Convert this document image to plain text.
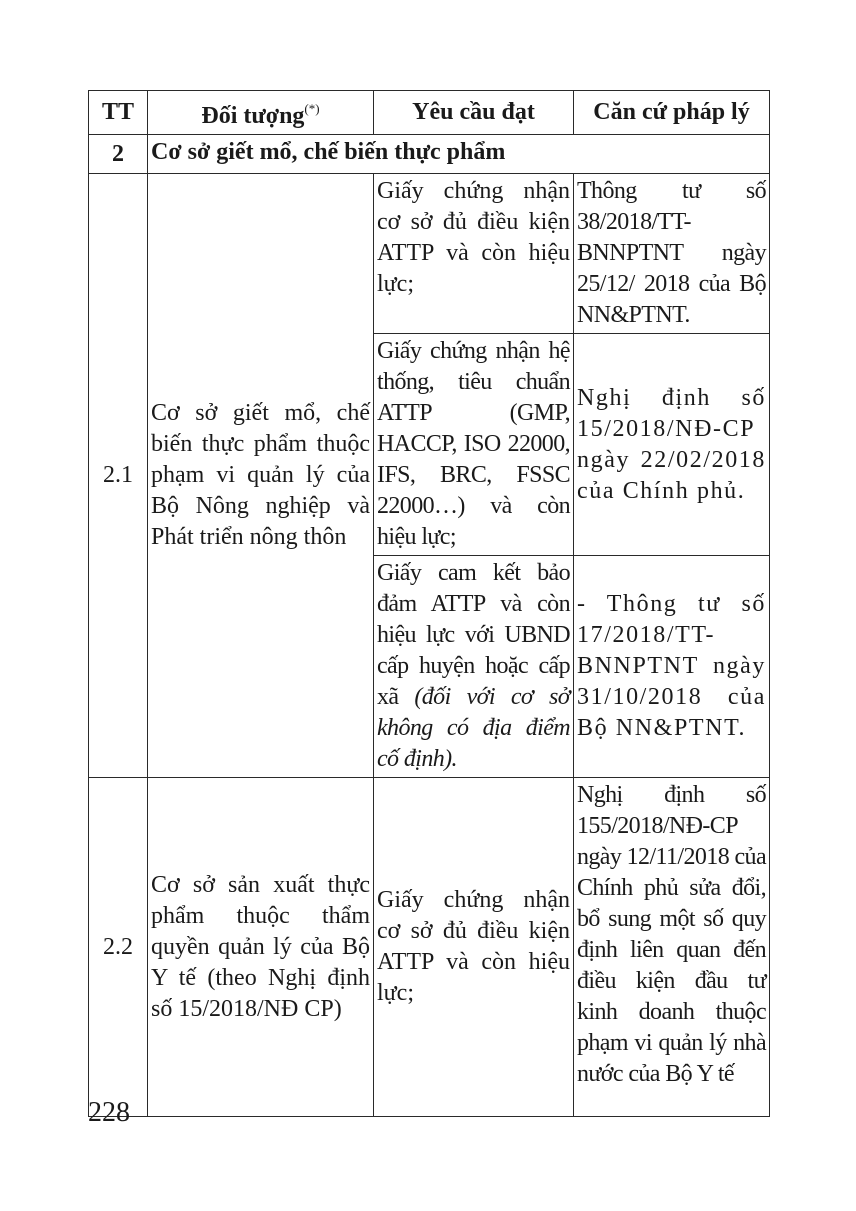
TT	Đối tượng(*)	Yêu cầu đạt	Căn cứ pháp lý
2	Cơ sở giết mổ, chế biến thực phẩm		
2.1	Cơ sở giết mổ, chế biến thực phẩm thuộc phạm vi quản lý của Bộ Nông nghiệp và Phát triển nông thôn	Giấy chứng nhận cơ sở đủ điều kiện ATTP và còn hiệu lực;	Thông tư số 38/2018/TT-BNNPTNT ngày 25/12/ 2018 của Bộ NN&PTNT.
		Giấy chứng nhận hệ thống, tiêu chuẩn ATTP (GMP, HACCP, ISO 22000, IFS, BRC, FSSC 22000…) và còn hiệu lực;	Nghị định số 15/2018/NĐ-CP ngày 22/02/2018 của Chính phủ.
		Giấy cam kết bảo đảm ATTP và còn hiệu lực với UBND cấp huyện hoặc cấp xã (đối với cơ sở không có địa điểm cố định).	- Thông tư số 17/2018/TT-BNNPTNT ngày 31/10/2018 của Bộ NN&PTNT.
2.2	Cơ sở sản xuất thực phẩm thuộc thẩm quyền quản lý của Bộ Y tế (theo Nghị định số 15/2018/NĐ CP)	Giấy chứng nhận cơ sở đủ điều kiện ATTP và còn hiệu lực;	Nghị định số 155/2018/NĐ-CP ngày 12/11/2018 của Chính phủ sửa đổi, bổ sung một số quy định liên quan đến điều kiện đầu tư kinh doanh thuộc phạm vi quản lý nhà nước của Bộ Y tế
228
